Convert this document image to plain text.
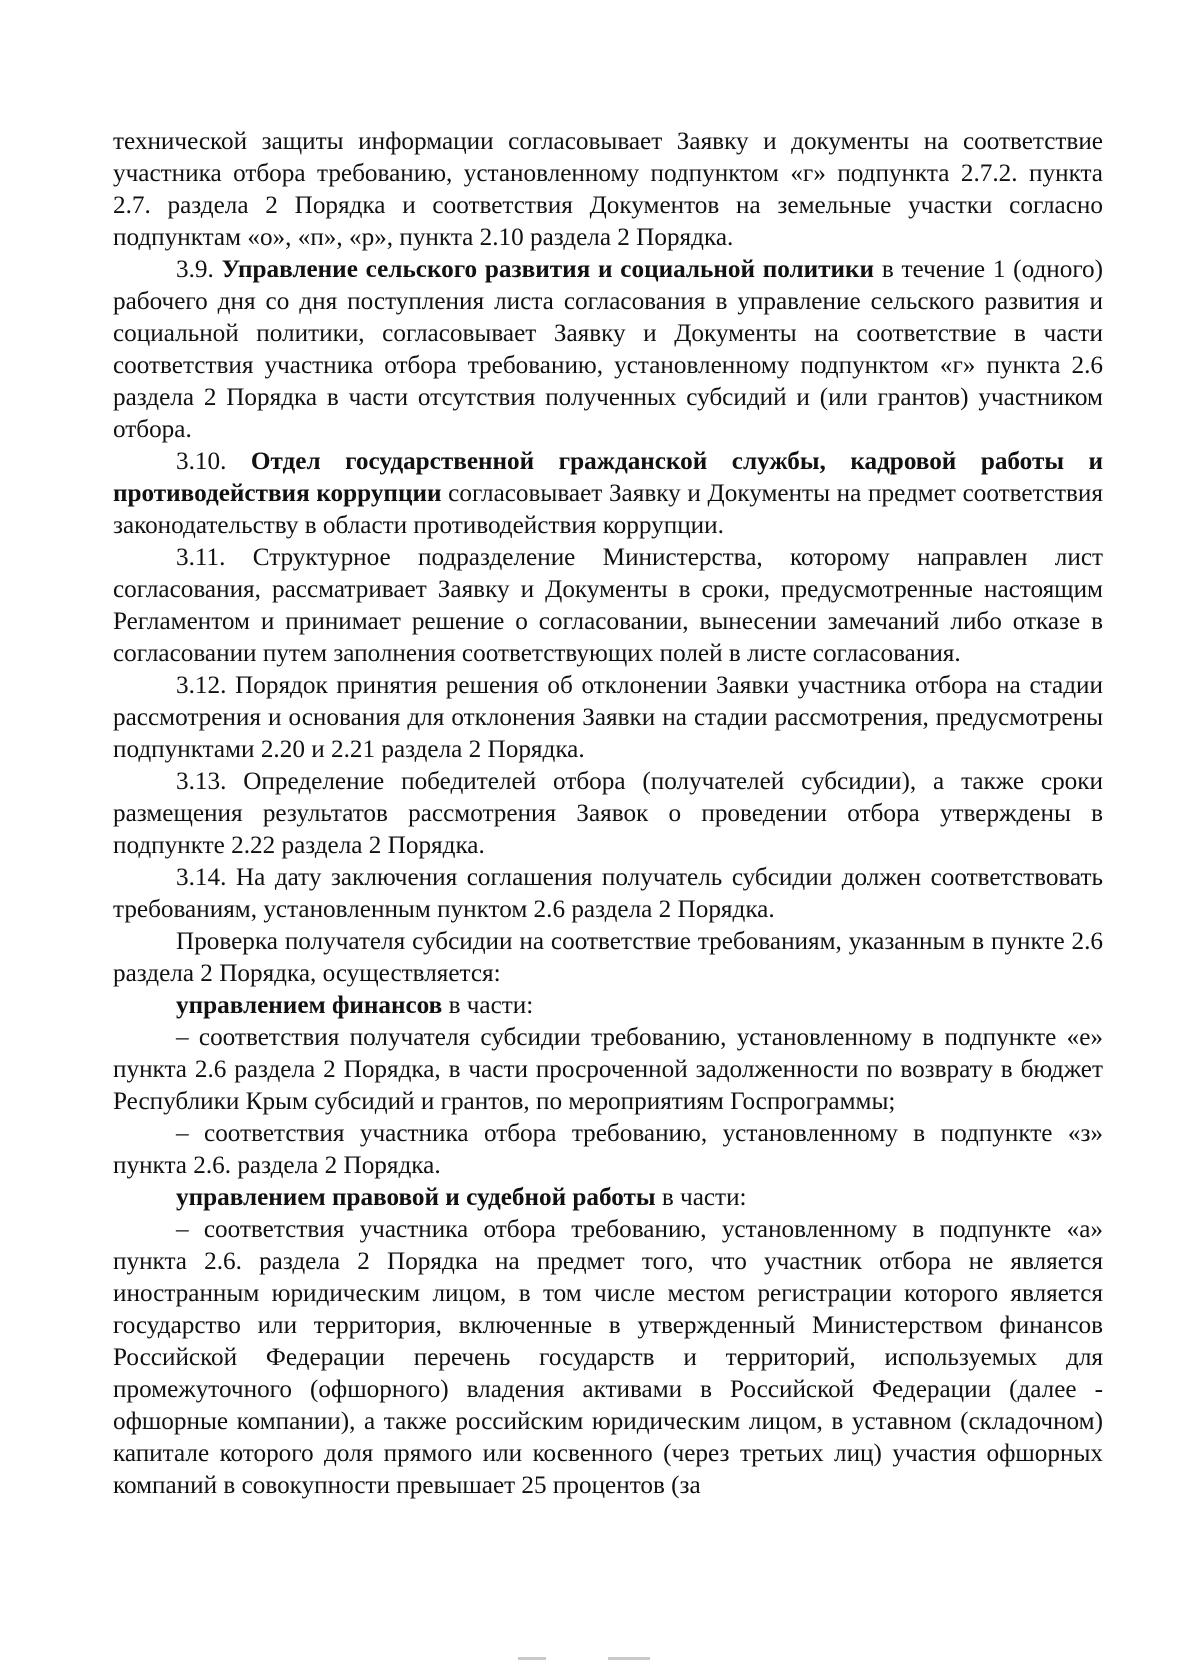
технической защиты информации согласовывает Заявку и документы на соответствие участника отбора требованию, установленному подпунктом «г» подпункта 2.7.2. пункта 2.7. раздела 2 Порядка и соответствия Документов на земельные участки согласно подпунктам «о», «п», «р», пункта 2.10 раздела 2 Порядка.

3.9. Управление сельского развития и социальной политики в течение 1 (одного) рабочего дня со дня поступления листа согласования в управление сельского развития и социальной политики, согласовывает Заявку и Документы на соответствие в части соответствия участника отбора требованию, установленному подпунктом «г» пункта 2.6 раздела 2 Порядка в части отсутствия полученных субсидий и (или грантов) участником отбора.

3.10. Отдел государственной гражданской службы, кадровой работы и противодействия коррупции согласовывает Заявку и Документы на предмет соответствия законодательству в области противодействия коррупции.

3.11. Структурное подразделение Министерства, которому направлен лист согласования, рассматривает Заявку и Документы в сроки, предусмотренные настоящим Регламентом и принимает решение о согласовании, вынесении замечаний либо отказе в согласовании путем заполнения соответствующих полей в листе согласования.

3.12. Порядок принятия решения об отклонении Заявки участника отбора на стадии рассмотрения и основания для отклонения Заявки на стадии рассмотрения, предусмотрены подпунктами 2.20 и 2.21 раздела 2 Порядка.

3.13. Определение победителей отбора (получателей субсидии), а также сроки размещения результатов рассмотрения Заявок о проведении отбора утверждены в подпункте 2.22 раздела 2 Порядка.

3.14. На дату заключения соглашения получатель субсидии должен соответствовать требованиям, установленным пунктом 2.6 раздела 2 Порядка.

Проверка получателя субсидии на соответствие требованиям, указанным в пункте 2.6 раздела 2 Порядка, осуществляется:

управлением финансов в части:

– соответствия получателя субсидии требованию, установленному в подпункте «е» пункта 2.6 раздела 2 Порядка, в части просроченной задолженности по возврату в бюджет Республики Крым субсидий и грантов, по мероприятиям Госпрограммы;

– соответствия участника отбора требованию, установленному в подпункте «з» пункта 2.6. раздела 2 Порядка.

управлением правовой и судебной работы в части:

– соответствия участника отбора требованию, установленному в подпункте «а» пункта 2.6. раздела 2 Порядка на предмет того, что участник отбора не является иностранным юридическим лицом, в том числе местом регистрации которого является государство или территория, включенные в утвержденный Министерством финансов Российской Федерации перечень государств и территорий, используемых для промежуточного (офшорного) владения активами в Российской Федерации (далее - офшорные компании), а также российским юридическим лицом, в уставном (складочном) капитале которого доля прямого или косвенного (через третьих лиц) участия офшорных компаний в совокупности превышает 25 процентов (за
